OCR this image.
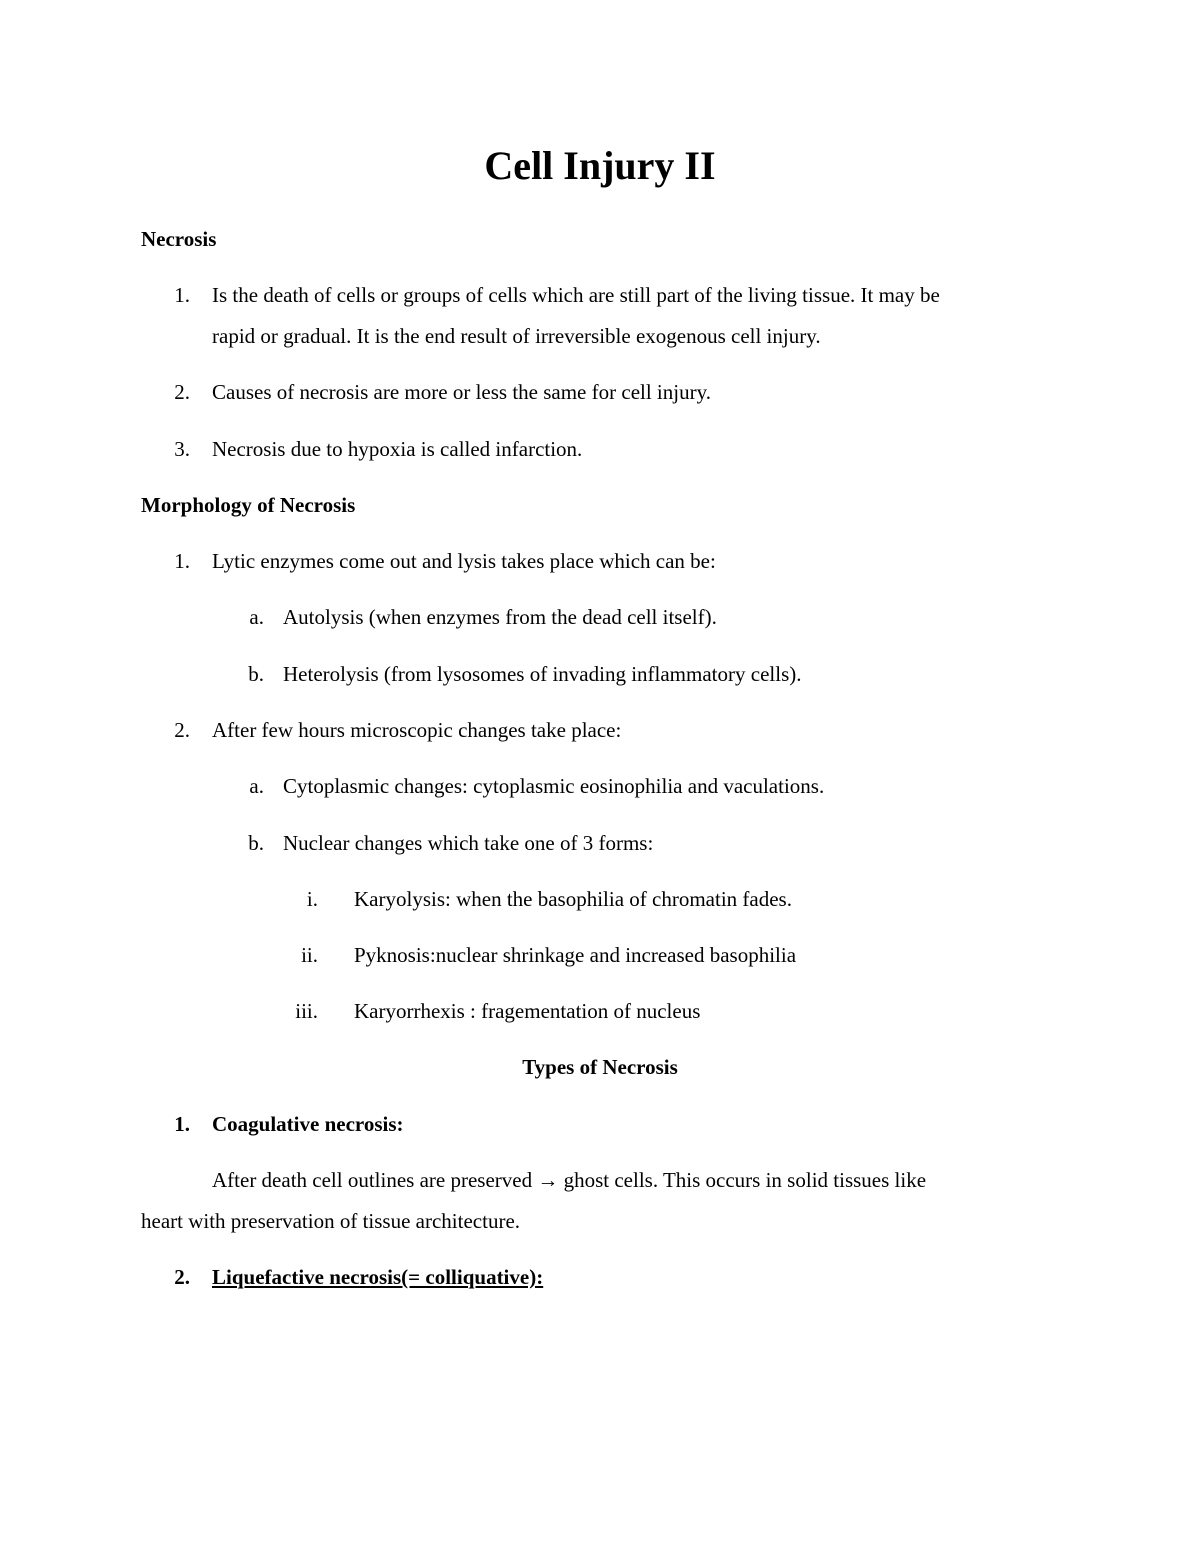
Cell Injury II
Necrosis
1. Is the death of cells or groups of cells which are still part of the living tissue. It may be
rapid or gradual. It is the end result of irreversible exogenous cell injury.
2. Causes of necrosis are more or less the same for cell injury.
3. Necrosis due to hypoxia is called infarction.
Morphology of Necrosis
1. Lytic enzymes come out and lysis takes place which can be:
a. Autolysis (when enzymes from the dead cell itself).
b. Heterolysis (from lysosomes of invading inflammatory cells).
2. After few hours microscopic changes take place:
a. Cytoplasmic changes: cytoplasmic eosinophilia and vaculations.
b. Nuclear changes which take one of 3 forms:
i. Karyolysis: when the basophilia of chromatin fades.
ii. Pyknosis:nuclear shrinkage and increased basophilia
iii. Karyorrhexis : fragementation of nucleus
Types of Necrosis
1. Coagulative necrosis:
After death cell outlines are preserved → ghost cells. This occurs in solid tissues like
heart with preservation of tissue architecture.
2. Liquefactive necrosis(= colliquative):
